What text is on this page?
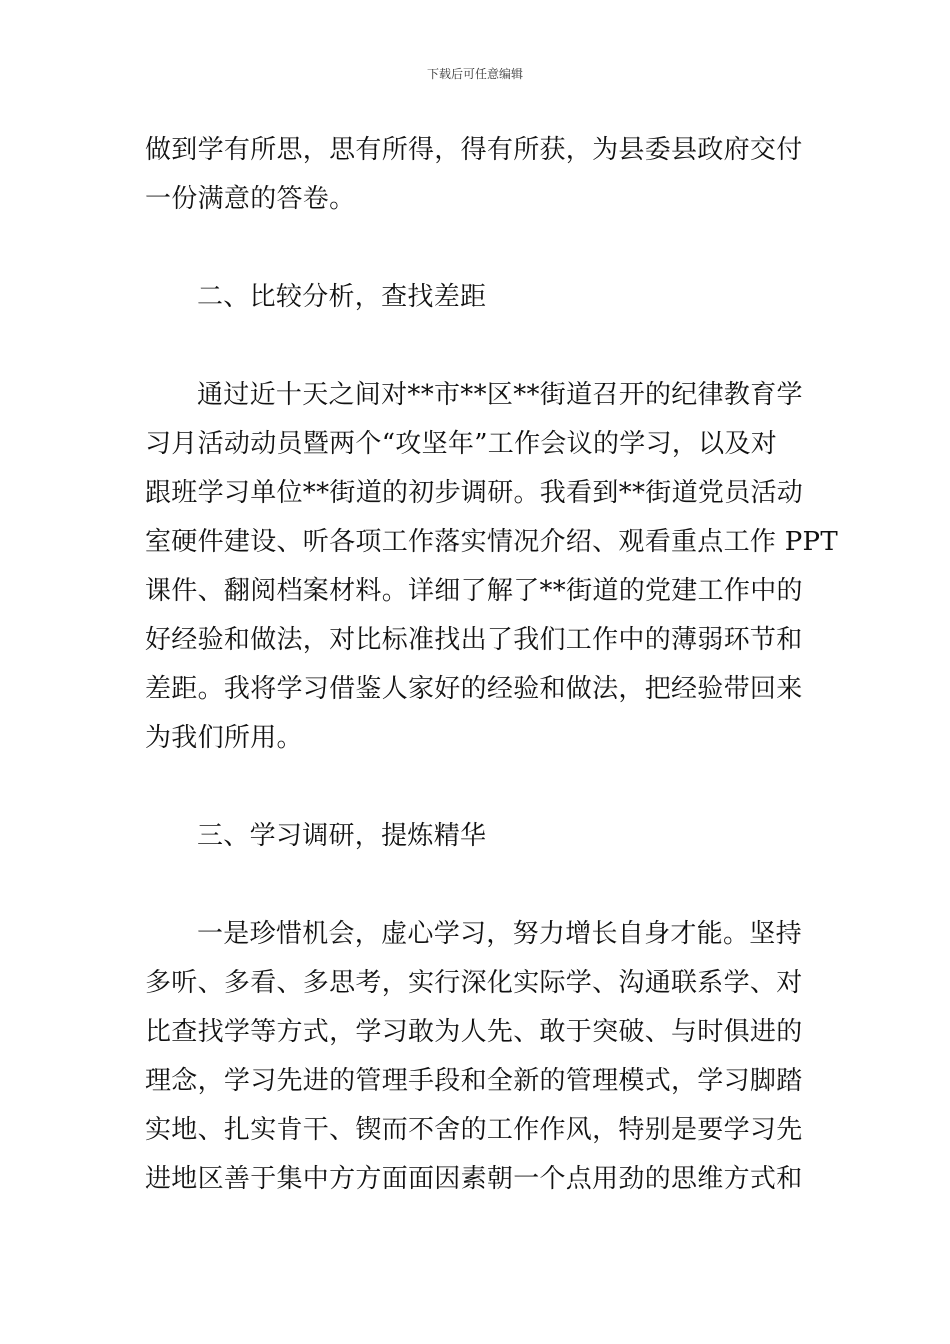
下载后可任意编辑
做到学有所思，思有所得，得有所获，为县委县政府交付
一份满意的答卷。
二、比较分析，查找差距
通过近十天之间对**市**区**街道召开的纪律教育学
习月活动动员暨两个“攻坚年”工作会议的学习，以及对
跟班学习单位**街道的初步调研。我看到**街道党员活动
室硬件建设、听各项工作落实情况介绍、观看重点工作 PPT
课件、翻阅档案材料。详细了解了**街道的党建工作中的
好经验和做法，对比标准找出了我们工作中的薄弱环节和
差距。我将学习借鉴人家好的经验和做法，把经验带回来
为我们所用。
三、学习调研，提炼精华
一是珍惜机会，虚心学习，努力增长自身才能。坚持
多听、多看、多思考，实行深化实际学、沟通联系学、对
比查找学等方式，学习敢为人先、敢于突破、与时俱进的
理念，学习先进的管理手段和全新的管理模式，学习脚踏
实地、扎实肯干、锲而不舍的工作作风，特别是要学习先
进地区善于集中方方面面因素朝一个点用劲的思维方式和
